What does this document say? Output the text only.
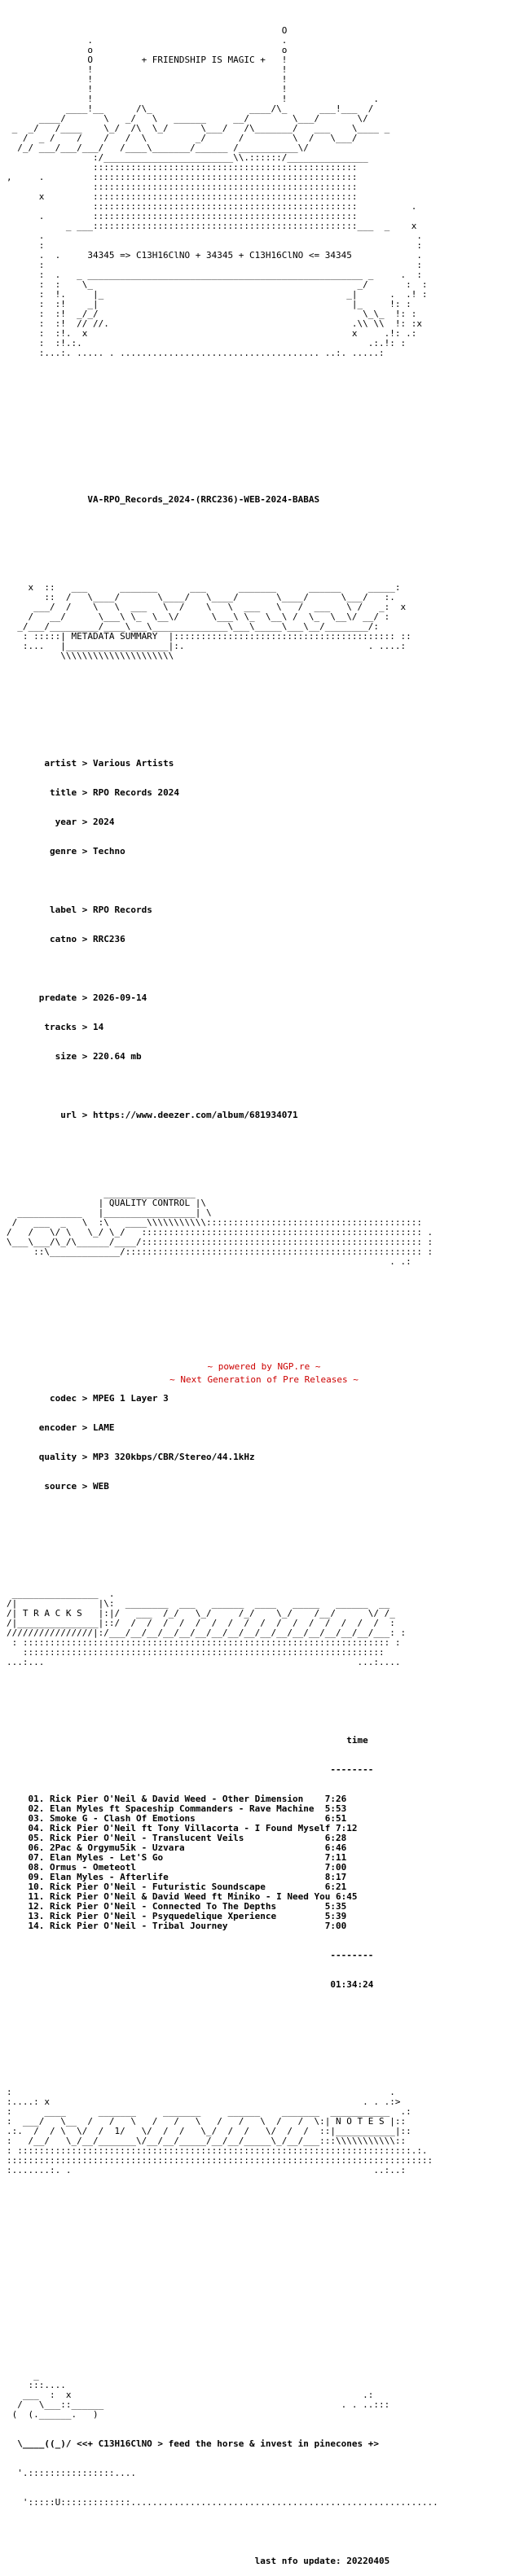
O
.                                   .
o                                   o
O         + FRIENDSHIP IS MAGIC +   !
!                                   !
!                                   !
!                                   !
!                                   !                .
____!__      /\_                  ____/\_      ___!___  /
____/       \   _/   \   ______     __/        \___/       \/
_  _/   /____    \_/  /\  \_/      \___/   /\_______/   ___    \____ _
/  _ /    /    /   /  \         _/      /         \  /   \___/
/_/ ___/___/___/   /____\_______/______ /___________\/
:/________________________\\.::::::/_______________
:::::::::::::::::::::::::::::::::::::::::::::::::
,     .         :::::::::::::::::::::::::::::::::::::::::::::::::
:::::::::::::::::::::::::::::::::::::::::::::::::
x         :::::::::::::::::::::::::::::::::::::::::::::::::
:::::::::::::::::::::::::::::::::::::::::::::::::          .
.         :::::::::::::::::::::::::::::::::::::::::::::::::
_ ___:::::::::::::::::::::::::::::::::::::::::::::::::___  _    x
.                                                                     .
:                                                                     :
.  .     34345 => C13H16ClNO + 34345 + C13H16ClNO <= 34345            .
:                                                                     :
:  .   _ ___________________________________________________ _     .  :
:  :    \_                                                 _/       :  :
:  !.     |_                                             _|      .  .! :
:  :!    _|                                               |_     !: :
:  :!  _/_/                                                 \_\_  !: :
:  :!  // //.                                             .\\ \\  !: :x
:  :!.  x                                                 x     .!: .:
:  :!.:.                                                     .:.!: :
:...:. ..... . ..................................... ..:. .....:

VA-RPO_Records_2024-(RRC236)-WEB-2024-BABAS

x  ::   ___      _______      ___      _______      ______     _____:
::  /   \____/       \____/   \____/       \____/      \___/   :.
___/  /    \   \  ___   \  /    \   \  ___   \   /  ___   \ /   _:  x
/   __/      \___\ \_  \__\/      \___\ \_  \__\ /  \_  \__\/ __/ :
_/___/_________/____\___\______________\___\_____\___\__/________/:
: :::::| METADATA SUMMARY  |::::::::::::::::::::::::::::::::::::::::: ::
:...   |___________________|:.                                  . ....:
\\\\\\\\\\\\\\\\\\\\\

artist > Various Artists

title > RPO Records 2024

year > 2024

genre > Techno

label > RPO Records

catno > RRC236

predate > 2026-09-14

tracks > 14

size > 220.64 mb

url > https://www.deezer.com/album/681934071

_________________
| QUALITY CONTROL |\
____________   |_________________| \
/   ___  _   \  :\   ____\\\\\\\\\\\::::::::::::::::::::::::::::::::::::::::
/   /   \/ \   \_/ \_/   :::::::::::::::::::::::::::::::::::::::::::::::::::: .
\___\___/\_/\______/____/:::::::::::::::::::::::::::::::::::::::::::::::::::: :
::\_____________/::::::::::::::::::::::::::::::::::::::::::::::::::::::: :
. .:

codec > MPEG 1 Layer 3

encoder > LAME

quality > MP3 320kbps/CBR/Stereo/44.1kHz

source > WEB

________________  .
/|               |\:  ________  ___   ______  ____   _____   ______  __
/| T R A C K S   |:|/   ___  /_/   \_/     /_/    \_/    /__/      \/ /_
/|_______________|::/  /  /  /  /  /  /  /  /  /  /  /  /  /  /  /  /  :
////////////////|:/___/__/__/__/__/__/__/__/__/__/__/__/__/__/__/__/___: :
: :::::::::::::::::::::::::::::::::::::::::::::::::::::::::::::::::::: :
:::::::::::::::::::::::::::::::::::::::::::::::::::::::::::::::::::
...:...                                                          ...:....

time

--------

01. Rick Pier O'Neil & David Weed - Other Dimension 7:26
02. Elan Myles ft Spaceship Commanders - Rave Machine 5:53
03. Smoke G - Clash Of Emotions	6:51
04. Rick Pier O'Neil ft Tony Villacorta - I Found Myself 7:12
05. Rick Pier O'Neil - Translucent Veils	6:28
06. 2Pac & Orgymu5ik - Uzvara	6:46
07. Elan Myles - Let'S Go	7:11
08. Ormus - Ometeotl	7:00
09. Elan Myles - Afterlife	8:17
10. Rick Pier O'Neil - Futuristic Soundscape	6:21
11. Rick Pier O'Neil & David Weed ft Miniko - I Need You 6:45
12. Rick Pier O'Neil - Connected To The Depths	5:35
13. Rick Pier O'Neil - Psyquedelique Xperience	5:39
14. Rick Pier O'Neil - Tribal Journey	7:00

--------

01:34:24

:                                                                      .
:....: x                                                          . . .:>
:      ____      _______     _______     ______    _______  ___________  .:
:  ___/   \__  /   /   \   /   /   \   /   /   \  /   /  \:| N O T E S |::
.:.  /  / \  \/  /  1/   \/  /  /   \_/  /  /   \/  /  /  ::|___________|::
:   /__/   \_/__/_______\/__/__/_____/__/__/_____\_/__/___:::\\\\\\\\\\\::
: :::::::::::::::::::::::::::::::::::::::::::::::::::::::::::::::::::::::::.:.
:::::::::::::::::::::::::::::::::::::::::::::::::::::::::::::::::::::::::::::::
:.......:. .                                                        ..:..:

_
:::....
___  :  x                                                      .:
/   \___::______                                            . . ..:::
(  (.______.   )

\____((_)/ <<+ C13H16ClNO > feed the horse & invest in pinecones +>

'.::::::::::::::::....

':::::U:::::::::::::.........................................................

last nfo update: 20220405

~ powered by NGP.re ~
~ Next Generation of Pre Releases ~
